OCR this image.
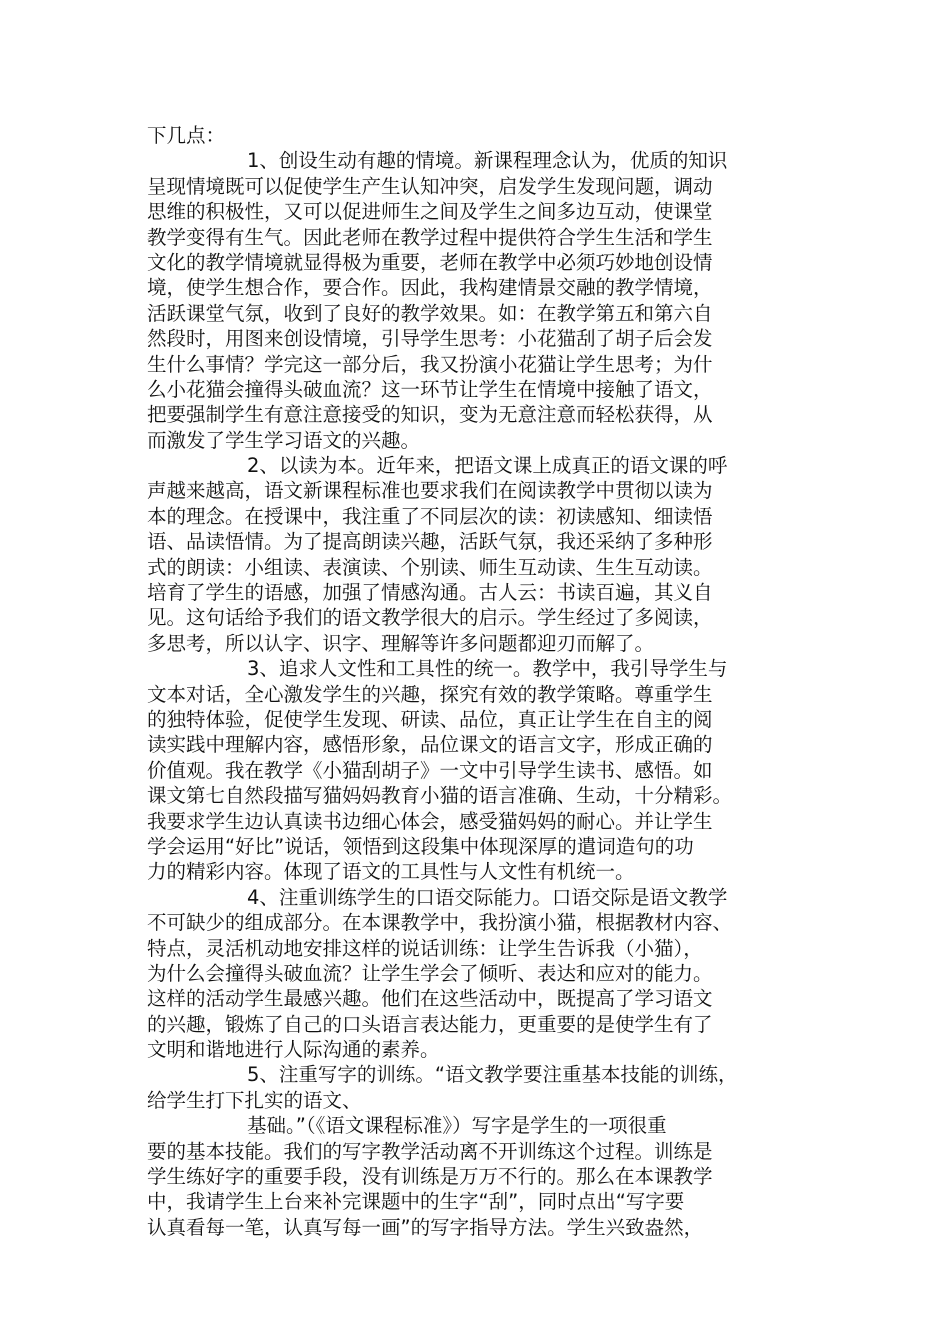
下几点：
1、创设生动有趣的情境。新课程理念认为，优质的知识
呈现情境既可以促使学生产生认知冲突，启发学生发现问题，调动
思维的积极性，又可以促进师生之间及学生之间多边互动，使课堂
教学变得有生气。因此老师在教学过程中提供符合学生生活和学生
文化的教学情境就显得极为重要，老师在教学中必须巧妙地创设情
境，使学生想合作，要合作。因此，我构建情景交融的教学情境，
活跃课堂气氛，收到了良好的教学效果。如：在教学第五和第六自
然段时，用图来创设情境，引导学生思考：小花猫刮了胡子后会发
生什么事情？学完这一部分后，我又扮演小花猫让学生思考；为什
么小花猫会撞得头破血流？这一环节让学生在情境中接触了语文，
把要强制学生有意注意接受的知识，变为无意注意而轻松获得，从
而激发了学生学习语文的兴趣。
2、以读为本。近年来，把语文课上成真正的语文课的呼
声越来越高，语文新课程标准也要求我们在阅读教学中贯彻以读为
本的理念。在授课中，我注重了不同层次的读：初读感知、细读悟
语、品读悟情。为了提高朗读兴趣，活跃气氛，我还采纳了多种形
式的朗读：小组读、表演读、个别读、师生互动读、生生互动读。
培育了学生的语感，加强了情感沟通。古人云：书读百遍，其义自
见。这句话给予我们的语文教学很大的启示。学生经过了多阅读，
多思考，所以认字、识字、理解等许多问题都迎刃而解了。
3、追求人文性和工具性的统一。教学中，我引导学生与
文本对话，全心激发学生的兴趣，探究有效的教学策略。尊重学生
的独特体验，促使学生发现、研读、品位，真正让学生在自主的阅
读实践中理解内容，感悟形象，品位课文的语言文字，形成正确的
价值观。我在教学《小猫刮胡子》一文中引导学生读书、感悟。如
课文第七自然段描写猫妈妈教育小猫的语言准确、生动，十分精彩。
我要求学生边认真读书边细心体会，感受猫妈妈的耐心。并让学生
学会运用“好比”说话，领悟到这段集中体现深厚的遣词造句的功
力的精彩内容。体现了语文的工具性与人文性有机统一。
4、注重训练学生的口语交际能力。口语交际是语文教学
不可缺少的组成部分。在本课教学中，我扮演小猫，根据教材内容、
特点，灵活机动地安排这样的说话训练：让学生告诉我（小猫），
为什么会撞得头破血流？让学生学会了倾听、表达和应对的能力。
这样的活动学生最感兴趣。他们在这些活动中，既提高了学习语文
的兴趣，锻炼了自己的口头语言表达能力，更重要的是使学生有了
文明和谐地进行人际沟通的素养。
5、注重写字的训练。“语文教学要注重基本技能的训练，
给学生打下扎实的语文、
基础。”（《语文课程标准》）写字是学生的一项很重
要的基本技能。我们的写字教学活动离不开训练这个过程。训练是
学生练好字的重要手段，没有训练是万万不行的。那么在本课教学
中，我请学生上台来补完课题中的生字“刮”，同时点出“写字要
认真看每一笔，认真写每一画”的写字指导方法。学生兴致盎然，
